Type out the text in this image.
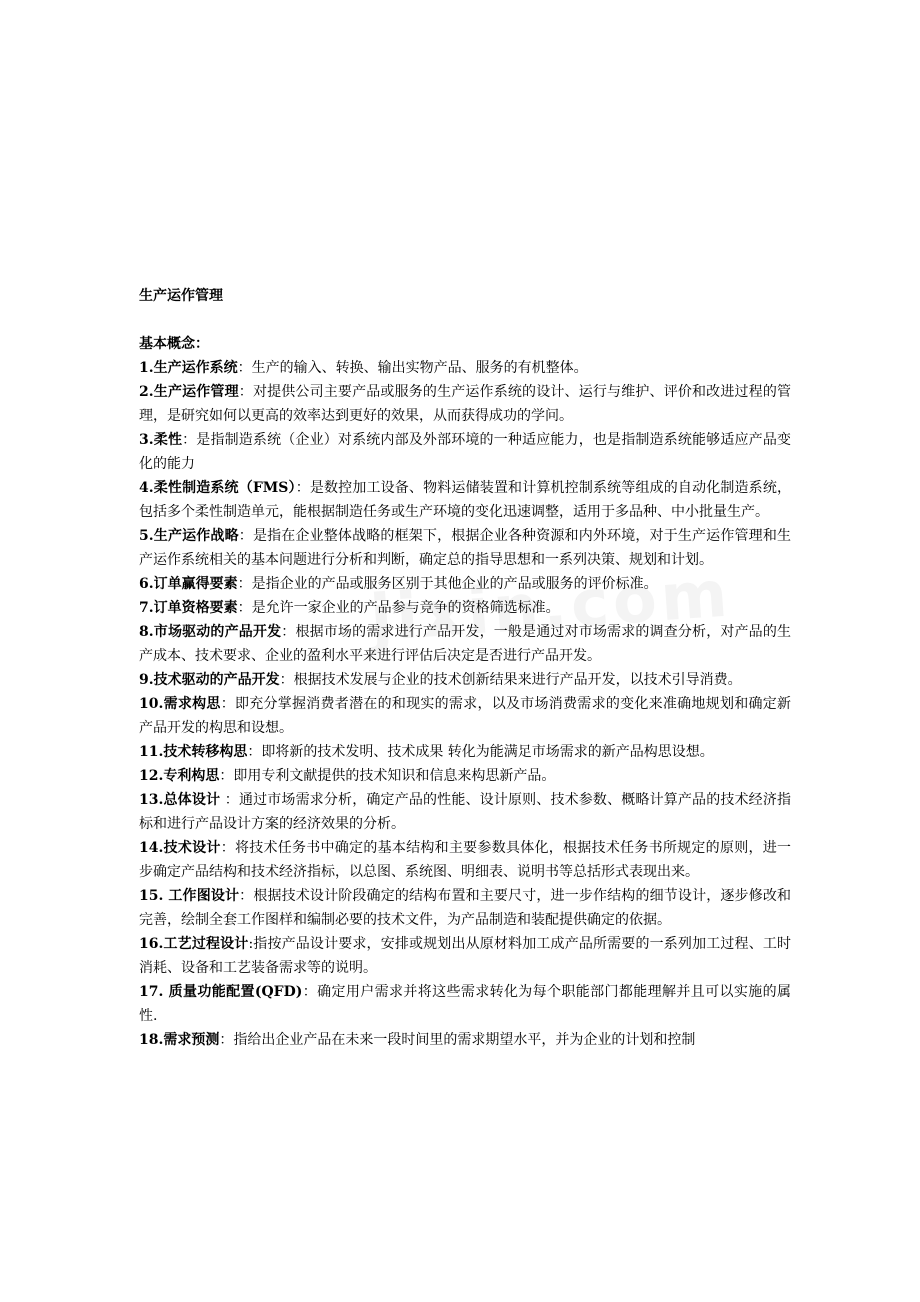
生产运作管理
基本概念：
1.生产运作系统：生产的输入、转换、输出实物产品、服务的有机整体。
2.生产运作管理：对提供公司主要产品或服务的生产运作系统的设计、运行与维护、评价和改进过程的管理，是研究如何以更高的效率达到更好的效果，从而获得成功的学问。
3.柔性：是指制造系统（企业）对系统内部及外部环境的一种适应能力，也是指制造系统能够适应产品变化的能力
4.柔性制造系统（FMS）：是数控加工设备、物料运储装置和计算机控制系统等组成的自动化制造系统，包括多个柔性制造单元，能根据制造任务或生产环境的变化迅速调整，适用于多品种、中小批量生产。
5.生产运作战略：是指在企业整体战略的框架下，根据企业各种资源和内外环境，对于生产运作管理和生产运作系统相关的基本问题进行分析和判断，确定总的指导思想和一系列决策、规划和计划。
6.订单赢得要素：是指企业的产品或服务区别于其他企业的产品或服务的评价标准。
7.订单资格要素：是允许一家企业的产品参与竞争的资格筛选标准。
8.市场驱动的产品开发：根据市场的需求进行产品开发，一般是通过对市场需求的调查分析，对产品的生产成本、技术要求、企业的盈利水平来进行评估后决定是否进行产品开发。
9.技术驱动的产品开发：根据技术发展与企业的技术创新结果来进行产品开发，以技术引导消费。
10.需求构思：即充分掌握消费者潜在的和现实的需求，以及市场消费需求的变化来准确地规划和确定新产品开发的构思和设想。
11.技术转移构思：即将新的技术发明、技术成果 转化为能满足市场需求的新产品构思设想。
12.专利构思：即用专利文献提供的技术知识和信息来构思新产品。
13.总体设计 ：通过市场需求分析，确定产品的性能、设计原则、技术参数、概略计算产品的技术经济指标和进行产品设计方案的经济效果的分析。
14.技术设计：将技术任务书中确定的基本结构和主要参数具体化，根据技术任务书所规定的原则，进一步确定产品结构和技术经济指标，以总图、系统图、明细表、说明书等总括形式表现出来。
15. 工作图设计：根据技术设计阶段确定的结构布置和主要尺寸，进一步作结构的细节设计，逐步修改和完善，绘制全套工作图样和编制必要的技术文件，为产品制造和装配提供确定的依据。
16.工艺过程设计:指按产品设计要求，安排或规划出从原材料加工成产品所需要的一系列加工过程、工时消耗、设备和工艺装备需求等的说明。
17. 质量功能配置(QFD)：确定用户需求并将这些需求转化为每个职能部门都能理解并且可以实施的属性.
18.需求预测：指给出企业产品在未来一段时间里的需求期望水平，并为企业的计划和控制
